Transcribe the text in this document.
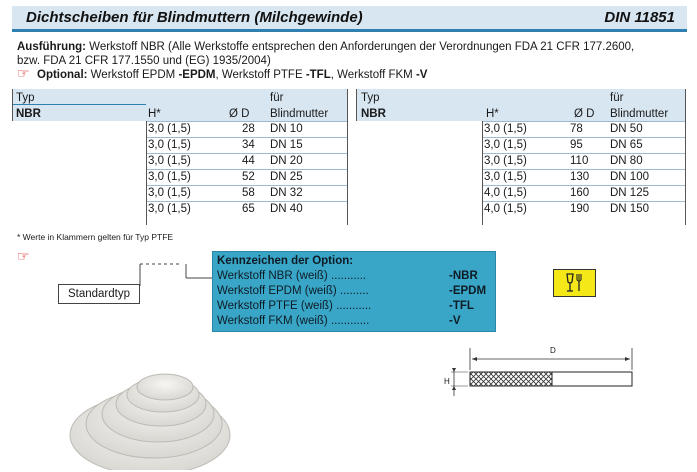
Dichtscheiben für Blindmuttern (Milchgewinde)	DIN 11851
Ausführung: Werkstoff NBR (Alle Werkstoffe entsprechen den Anforderungen der Verordnungen FDA 21 CFR 177.2600,
bzw. FDA 21 CFR 177.1550 und (EG) 1935/2004)
☞ Optional: Werkstoff EPDM -EPDM, Werkstoff PTFE -TFL, Werkstoff FKM -V
Typ
NBR	H*	Ø D
für
Blindmutter
3,0 (1,5)	28 DN 10
3,0 (1,5)	34 DN 15
3,0 (1,5)	44 DN 20
3,0 (1,5)	52 DN 25
3,0 (1,5)	58 DN 32
3,0 (1,5)	65 DN 40
Typ
NBR	H*	Ø D
für
Blindmutter
3,0 (1,5)	78 DN 50
3,0 (1,5)	95 DN 65
3,0 (1,5)	110 DN 80
3,0 (1,5)	130 DN 100
4,0 (1,5)	160 DN 125
4,0 (1,5)	190 DN 150
* Werte in Klammern gelten für Typ PTFE
☞
Standardtyp
Kennzeichen der Option:
Werkstoff NBR (weiß) ...........	-NBR
Werkstoff EPDM (weiß) .........	-EPDM
Werkstoff PTFE (weiß) ...........	-TFL
Werkstoff FKM (weiß) ............	-V
D
H
